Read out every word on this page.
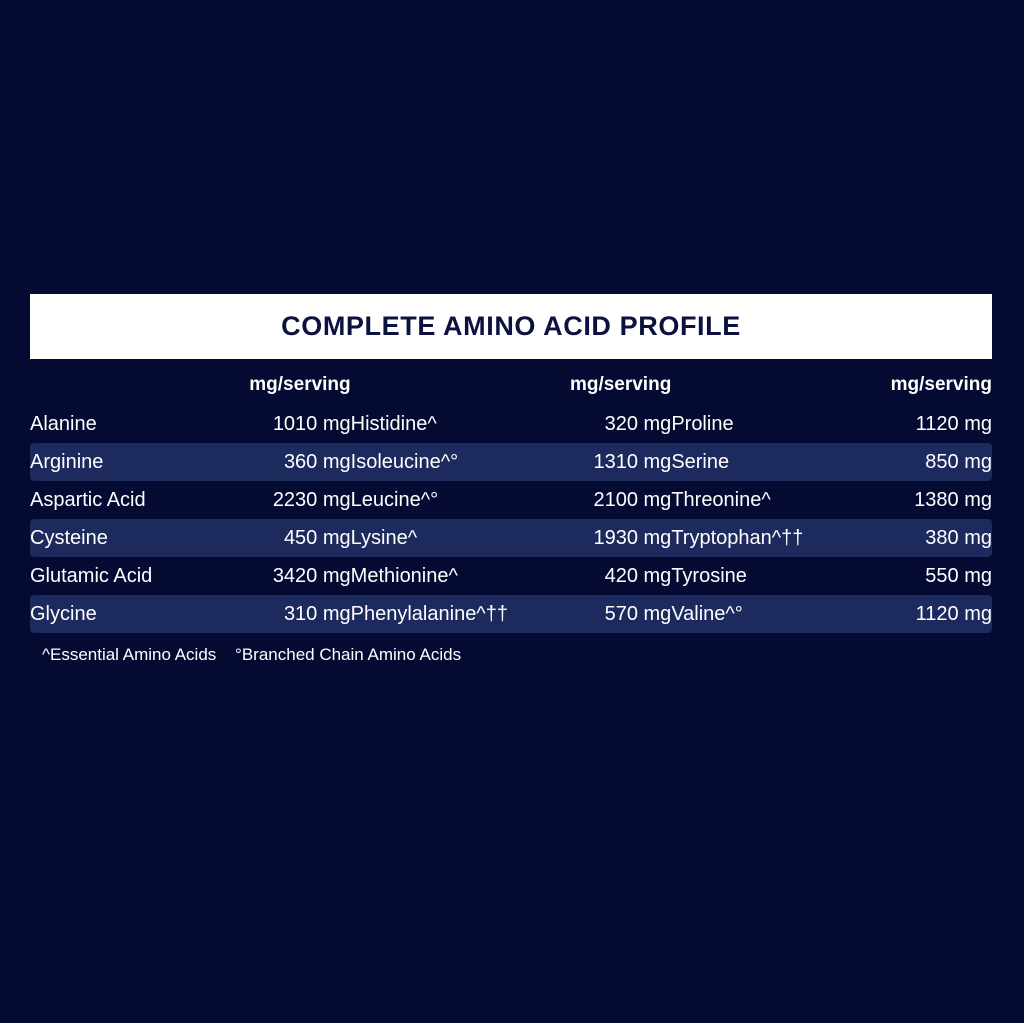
COMPLETE AMINO ACID PROFILE
	mg/serving		mg/serving		mg/serving
Alanine	1010 mg	Histidine^	320 mg	Proline	1120 mg
Arginine	360 mg	Isoleucine^°	1310 mg	Serine	850 mg
Aspartic Acid	2230 mg	Leucine^°	2100 mg	Threonine^	1380 mg
Cysteine	450 mg	Lysine^	1930 mg	Tryptophan^††	380 mg
Glutamic Acid	3420 mg	Methionine^	420 mg	Tyrosine	550 mg
Glycine	310 mg	Phenylalanine^††	570 mg	Valine^°	1120 mg
^Essential Amino Acids °Branched Chain Amino Acids
